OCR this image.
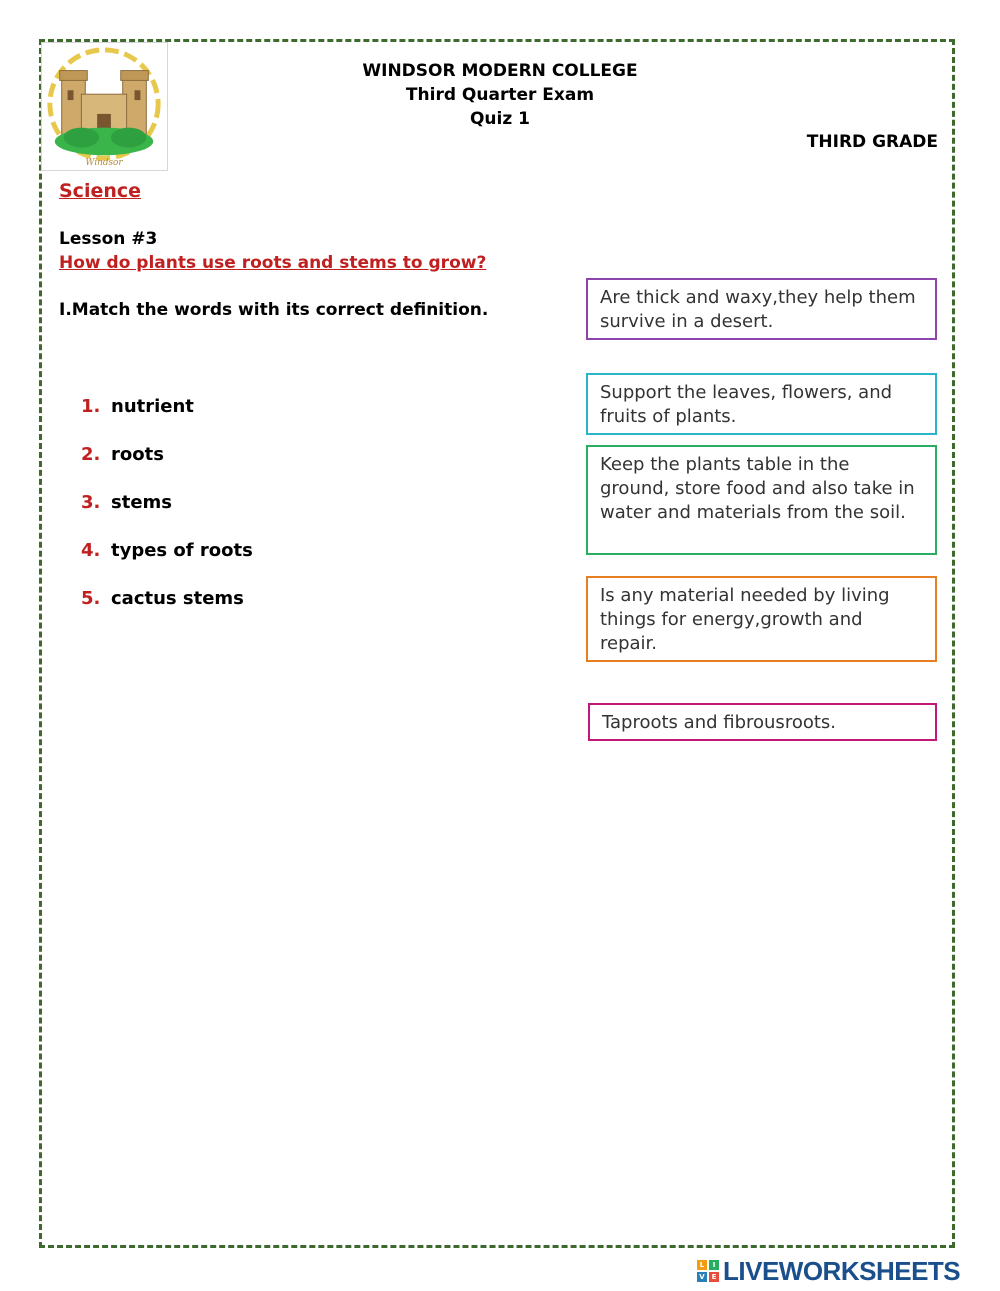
Windsor
WINDSOR MODERN COLLEGE
Third Quarter Exam
Quiz 1
THIRD GRADE
Science
Lesson #3
How do plants use roots and stems to grow?
I.Match the words with its correct definition.
1. nutrient
2. roots
3. stems
4. types of roots
5. cactus stems
Are thick and waxy,they help them survive in a desert.
Support the leaves, flowers, and fruits of plants.
Keep the plants table in the ground, store food and also take in water and materials from the soil.
Is any material needed by living things for energy,growth and repair.
Taproots and fibrousroots.
L	I
V E LIVEWORKSHEETS
